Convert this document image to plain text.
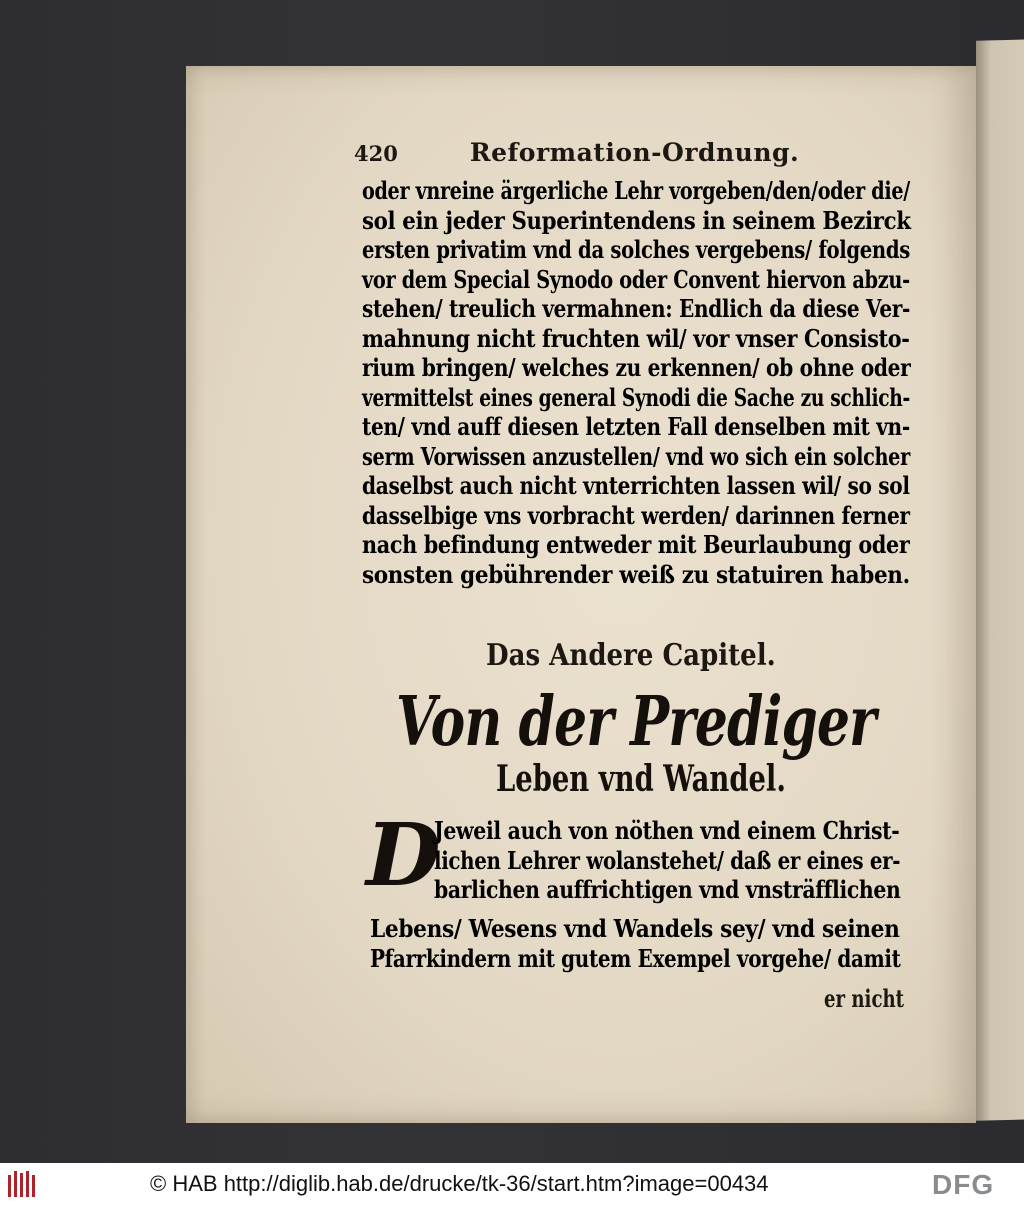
420	Reformation-Ordnung.
oder vnreine ärgerliche Lehr vorgeben/den/oder die/
sol ein jeder Superintendens in seinem Bezirck
ersten privatim vnd da solches vergebens/ folgends
vor dem Special Synodo oder Convent hiervon abzu-
stehen/ treulich vermahnen: Endlich da diese Ver-
mahnung nicht fruchten wil/ vor vnser Consisto-
rium bringen/ welches zu erkennen/ ob ohne oder
vermittelst eines general Synodi die Sache zu schlich-
ten/ vnd auff diesen letzten Fall denselben mit vn-
serm Vorwissen anzustellen/ vnd wo sich ein solcher
daselbst auch nicht vnterrichten lassen wil/ so sol
dasselbige vns vorbracht werden/ darinnen ferner
nach befindung entweder mit Beurlaubung oder
sonsten gebührender weiß zu statuiren haben.
Das Andere Capitel.
Von der Prediger
Leben vnd Wandel.
D
Jeweil auch von nöthen vnd einem Christ-
lichen Lehrer wolanstehet/ daß er eines er-
barlichen auffrichtigen vnd vnsträfflichen
Lebens/ Wesens vnd Wandels sey/ vnd seinen
Pfarrkindern mit gutem Exempel vorgehe/ damit
er nicht
© HAB http://diglib.hab.de/drucke/tk-36/start.htm?image=00434	DFG
